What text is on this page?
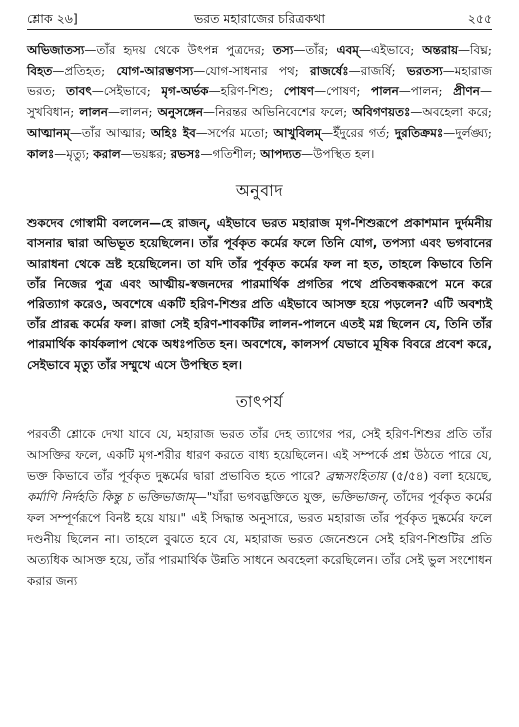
শ্লোক ২৬]	ভরত মহারাজের চরিত্রকথা	২৫৫

অভিজাতস্য—তাঁর হৃদয় থেকে উৎপন্ন পুত্রদের; তস্য—তাঁর; এবম্—এইভাবে; অন্তরায়—বিঘ্ন; বিহত—প্রতিহত; যোগ-আরম্ভণস্য—যোগ-সাধনার পথ; রাজর্ষেঃ—রাজর্ষি; ভরতস্য—মহারাজ ভরত; তাবৎ—সেইভাবে; মৃগ-অর্ভক—হরিণ-শিশু; পোষণ—পোষণ; পালন—পালন; প্রীণন—সুখবিধান; লালন—লালন; অনুসঙ্গেন—নিরন্তর অভিনিবেশের ফলে; অবিগণয়তঃ—অবহেলা করে; আত্মানম্—তাঁর আত্মার; অহিঃ ইব—সর্পের মতো; আখুবিলম্—ইঁদুরের গর্ত; দুরতিক্রমঃ—দুর্লঙ্ঘ্য; কালঃ—মৃত্যু; করাল—ভয়ঙ্কর; রভসঃ—গতিশীল; আপদ্যত—উপস্থিত হল।

অনুবাদ

শুকদেব গোস্বামী বললেন—হে রাজন্, এইভাবে ভরত মহারাজ মৃগ-শিশুরূপে প্রকাশমান দুর্দমনীয় বাসনার দ্বারা অভিভূত হয়েছিলেন। তাঁর পূর্বকৃত কর্মের ফলে তিনি যোগ, তপস্যা এবং ভগবানের আরাধনা থেকে ভ্রষ্ট হয়েছিলেন। তা যদি তাঁর পূর্বকৃত কর্মের ফল না হত, তাহলে কিভাবে তিনি তাঁর নিজের পুত্র এবং আত্মীয়-স্বজনদের পারমার্থিক প্রগতির পথে প্রতিবন্ধকরূপে মনে করে পরিত্যাগ করেও, অবশেষে একটি হরিণ-শিশুর প্রতি এইভাবে আসক্ত হয়ে পড়লেন? এটি অবশ্যই তাঁর প্রারব্ধ কর্মের ফল। রাজা সেই হরিণ-শাবকটির লালন-পালনে এতই মগ্ন ছিলেন যে, তিনি তাঁর পারমার্থিক কার্যকলাপ থেকে অধঃপতিত হন। অবশেষে, কালসর্প যেভাবে মূষিক বিবরে প্রবেশ করে, সেইভাবে মৃত্যু তাঁর সম্মুখে এসে উপস্থিত হল।

তাৎপর্য

পরবর্তী শ্লোকে দেখা যাবে যে, মহারাজ ভরত তাঁর দেহ ত্যাগের পর, সেই হরিণ-শিশুর প্রতি তাঁর আসক্তির ফলে, একটি মৃগ-শরীর ধারণ করতে বাধ্য হয়েছিলেন। এই সম্পর্কে প্রশ্ন উঠতে পারে যে, ভক্ত কিভাবে তাঁর পূর্বকৃত দুষ্কর্মের দ্বারা প্রভাবিত হতে পারে? ব্রহ্মসংহিতায় (৫/৫৪) বলা হয়েছে, কর্মাণি নির্দহতি কিন্তু চ ভক্তিভাজাম্—"যাঁরা ভগবদ্ভক্তিতে যুক্ত, ভক্তিভাজন্, তাঁদের পূর্বকৃত কর্মের ফল সম্পূর্ণরূপে বিনষ্ট হয়ে যায়।" এই সিদ্ধান্ত অনুসারে, ভরত মহারাজ তাঁর পূর্বকৃত দুষ্কর্মের ফলে দণ্ডনীয় ছিলেন না। তাহলে বুঝতে হবে যে, মহারাজ ভরত জেনেশুনে সেই হরিণ-শিশুটির প্রতি অত্যধিক আসক্ত হয়ে, তাঁর পারমার্থিক উন্নতি সাধনে অবহেলা করেছিলেন। তাঁর সেই ভুল সংশোধন করার জন্য
